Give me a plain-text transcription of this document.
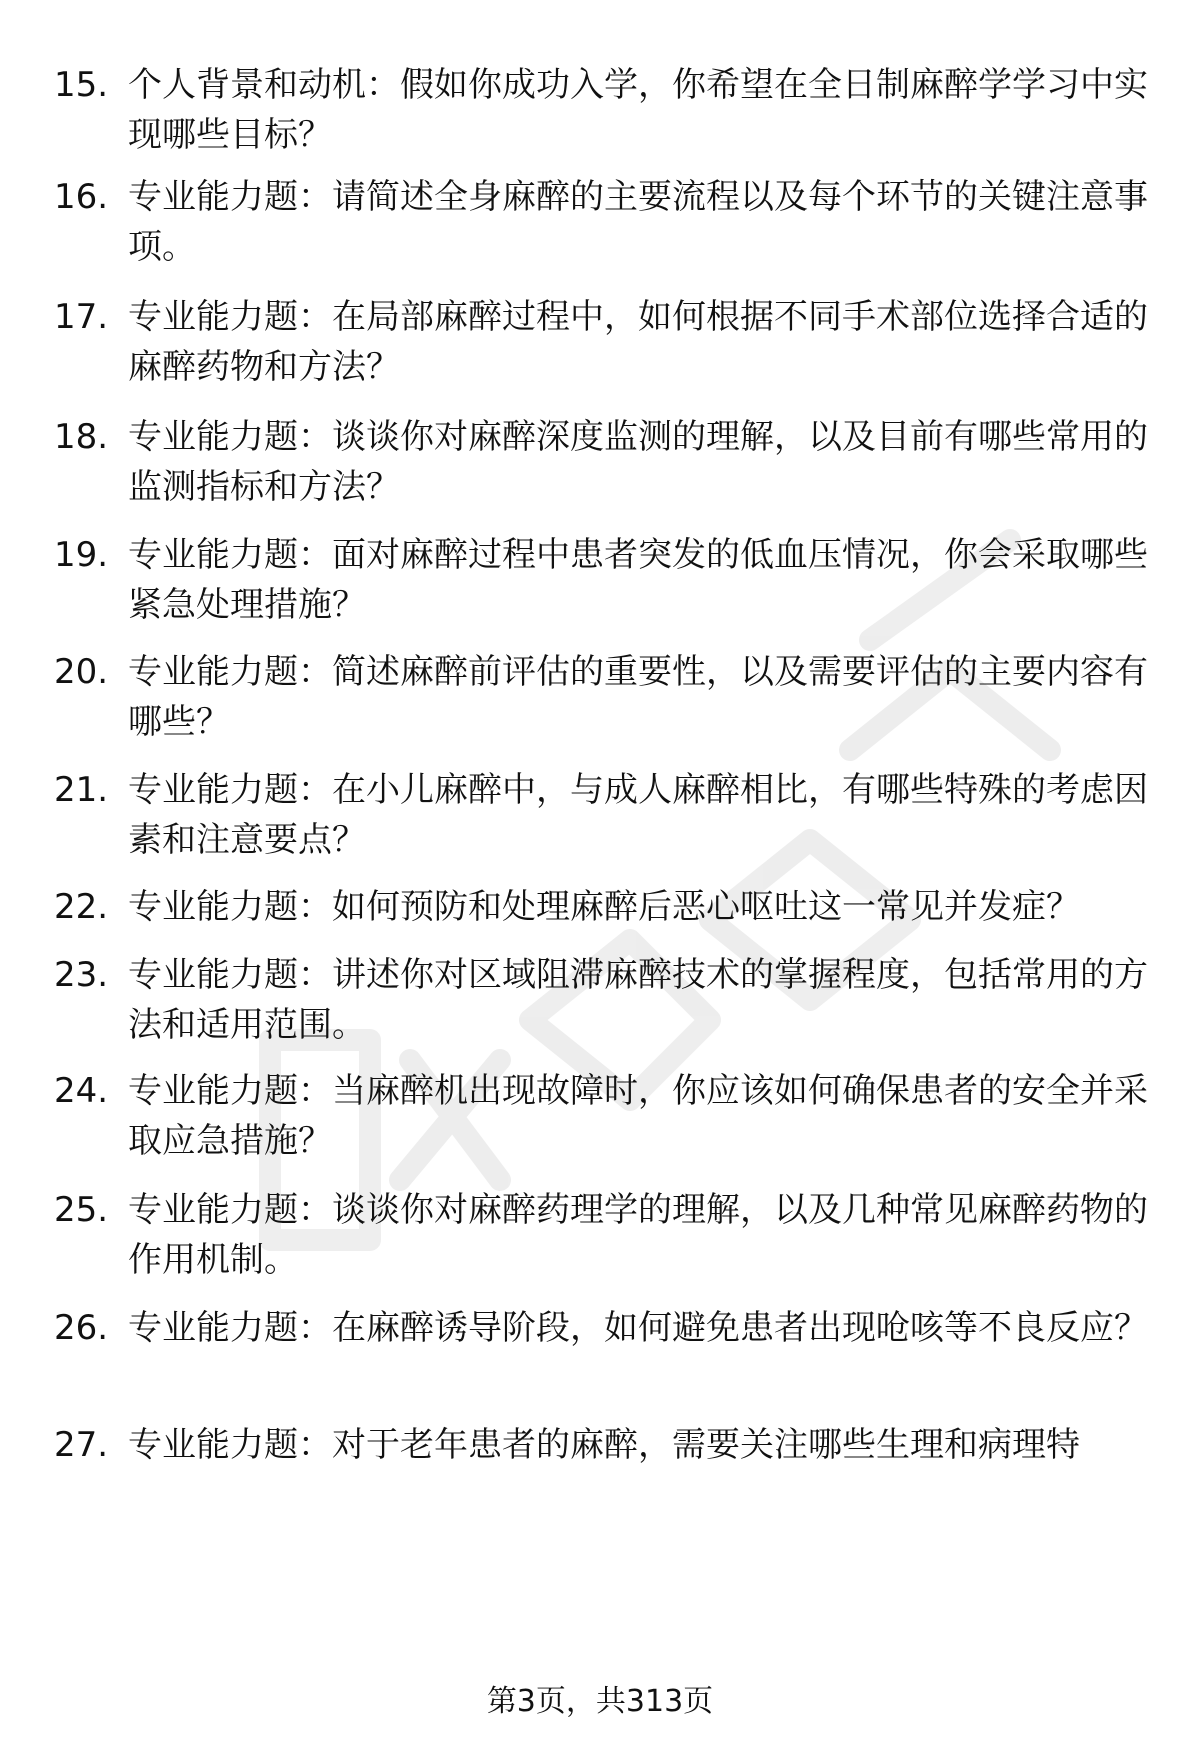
15. 个人背景和动机：假如你成功入学，你希望在全日制麻醉学学习中实现哪些目标？
16. 专业能力题：请简述全身麻醉的主要流程以及每个环节的关键注意事项。
17. 专业能力题：在局部麻醉过程中，如何根据不同手术部位选择合适的麻醉药物和方法？
18. 专业能力题：谈谈你对麻醉深度监测的理解，以及目前有哪些常用的监测指标和方法？
19. 专业能力题：面对麻醉过程中患者突发的低血压情况，你会采取哪些紧急处理措施？
20. 专业能力题：简述麻醉前评估的重要性，以及需要评估的主要内容有哪些？
21. 专业能力题：在小儿麻醉中，与成人麻醉相比，有哪些特殊的考虑因素和注意要点？
22. 专业能力题：如何预防和处理麻醉后恶心呕吐这一常见并发症？
23. 专业能力题：讲述你对区域阻滞麻醉技术的掌握程度，包括常用的方法和适用范围。
24. 专业能力题：当麻醉机出现故障时，你应该如何确保患者的安全并采取应急措施？
25. 专业能力题：谈谈你对麻醉药理学的理解，以及几种常见麻醉药物的作用机制。
26. 专业能力题：在麻醉诱导阶段，如何避免患者出现呛咳等不良反应？
27. 专业能力题：对于老年患者的麻醉，需要关注哪些生理和病理特
第3页，共313页
